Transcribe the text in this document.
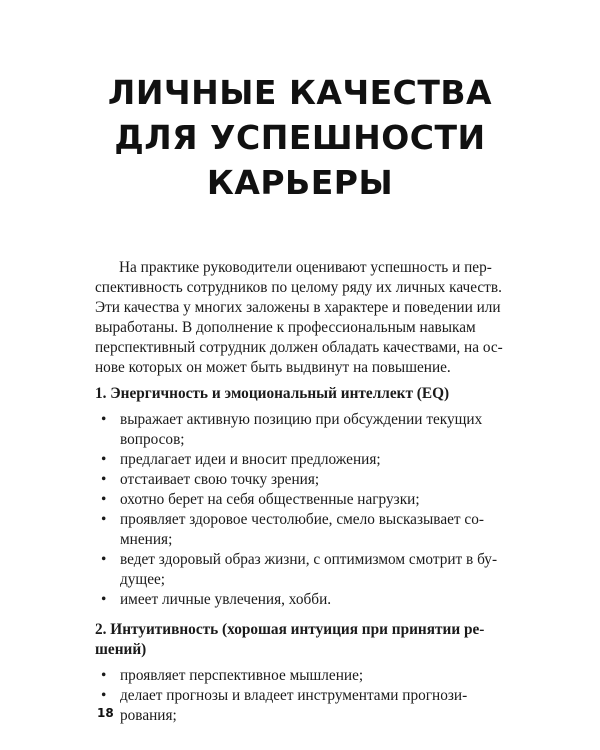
ЛИЧНЫЕ КАЧЕСТВА
ДЛЯ УСПЕШНОСТИ
КАРЬЕРЫ
На практике руководители оценивают успешность и пер-
спективность сотрудников по целому ряду их личных качеств.
Эти качества у многих заложены в характере и поведении или
выработаны. В дополнение к профессиональным навыкам
перспективный сотрудник должен обладать качествами, на ос-
нове которых он может быть выдвинут на повышение.
1. Энергичность и эмоциональный интеллект (EQ)
• выражает активную позицию при обсуждении текущих
вопросов;
• предлагает идеи и вносит предложения;
• отстаивает свою точку зрения;
• охотно берет на себя общественные нагрузки;
• проявляет здоровое честолюбие, смело высказывает со-
мнения;
• ведет здоровый образ жизни, с оптимизмом смотрит в бу-
дущее;
• имеет личные увлечения, хобби.
2. Интуитивность (хорошая интуиция при принятии ре-
шений)
• проявляет перспективное мышление;
• делает прогнозы и владеет инструментами прогнози-
рования;
18
